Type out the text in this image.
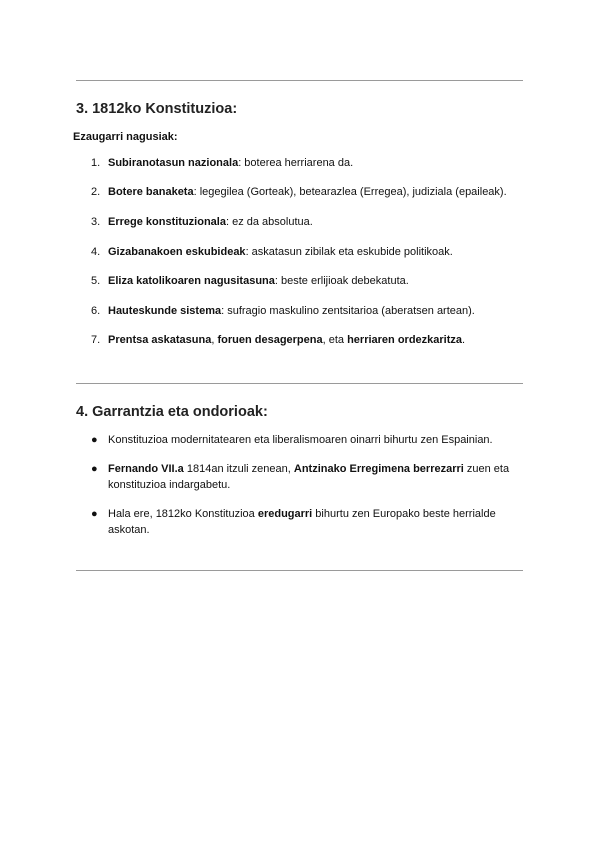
3. 1812ko Konstituzioa:
Ezaugarri nagusiak:
1. Subiranotasun nazionala: boterea herriarena da.
2. Botere banaketa: legegilea (Gorteak), betearazlea (Erregea), judiziala (epaileak).
3. Errege konstituzionala: ez da absolutua.
4. Gizabanakoen eskubideak: askatasun zibilak eta eskubide politikoak.
5. Eliza katolikoaren nagusitasuna: beste erlijioak debekatuta.
6. Hauteskunde sistema: sufragio maskulino zentsitarioa (aberatsen artean).
7. Prentsa askatasuna, foruen desagerpena, eta herriaren ordezkaritza.
4. Garrantzia eta ondorioak:
● Konstituzioa modernitatearen eta liberalismoaren oinarri bihurtu zen Espainian.
● Fernando VII.a 1814an itzuli zenean, Antzinako Erregimena berrezarri zuen eta konstituzioa indargabetu.
● Hala ere, 1812ko Konstituzioa eredugarri bihurtu zen Europako beste herrialde askotan.
